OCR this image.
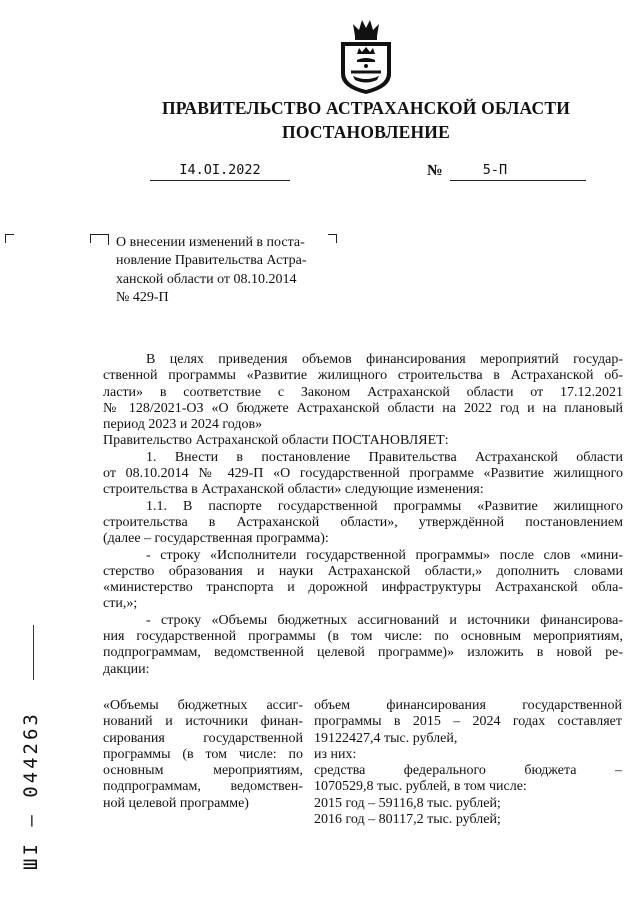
ПРАВИТЕЛЬСТВО АСТРАХАНСКОЙ ОБЛАСТИ
ПОСТАНОВЛЕНИЕ
I4.OI.2022	№	5-П
О внесении изменений в поста-
новление Правительства Астра-
ханской области от 08.10.2014
№ 429-П
В целях приведения объемов финансирования мероприятий государ-
ственной программы «Развитие жилищного строительства в Астраханской об-
ласти» в соответствие с Законом Астраханской области от 17.12.2021
№ 128/2021-ОЗ «О бюджете Астраханской области на 2022 год и на плановый
период 2023 и 2024 годов»
Правительство Астраханской области ПОСТАНОВЛЯЕТ:
1. Внести в постановление Правительства Астраханской области
от 08.10.2014 № 429-П «О государственной программе «Развитие жилищного
строительства в Астраханской области» следующие изменения:
1.1. В паспорте государственной программы «Развитие жилищного
строительства в Астраханской области», утверждённой постановлением
(далее – государственная программа):
- строку «Исполнители государственной программы» после слов «мини-
стерство образования и науки Астраханской области,» дополнить словами
«министерство транспорта и дорожной инфраструктуры Астраханской обла-
сти,»;
- строку «Объемы бюджетных ассигнований и источники финансирова-
ния государственной программы (в том числе: по основным мероприятиям,
подпрограммам, ведомственной целевой программе)» изложить в новой ре-
дакции:
«Объемы бюджетных ассиг-
нований и источники финан-
сирования государственной
программы (в том числе: по
основным мероприятиям,
подпрограммам, ведомствен-
ной целевой программе)
объем финансирования государственной
программы в 2015 – 2024 годах составляет
19122427,4 тыс. рублей,
из них:
средства федерального бюджета –
1070529,8 тыс. рублей, в том числе:
2015 год – 59116,8 тыс. рублей;
2016 год – 80117,2 тыс. рублей;
ШI – 044263
